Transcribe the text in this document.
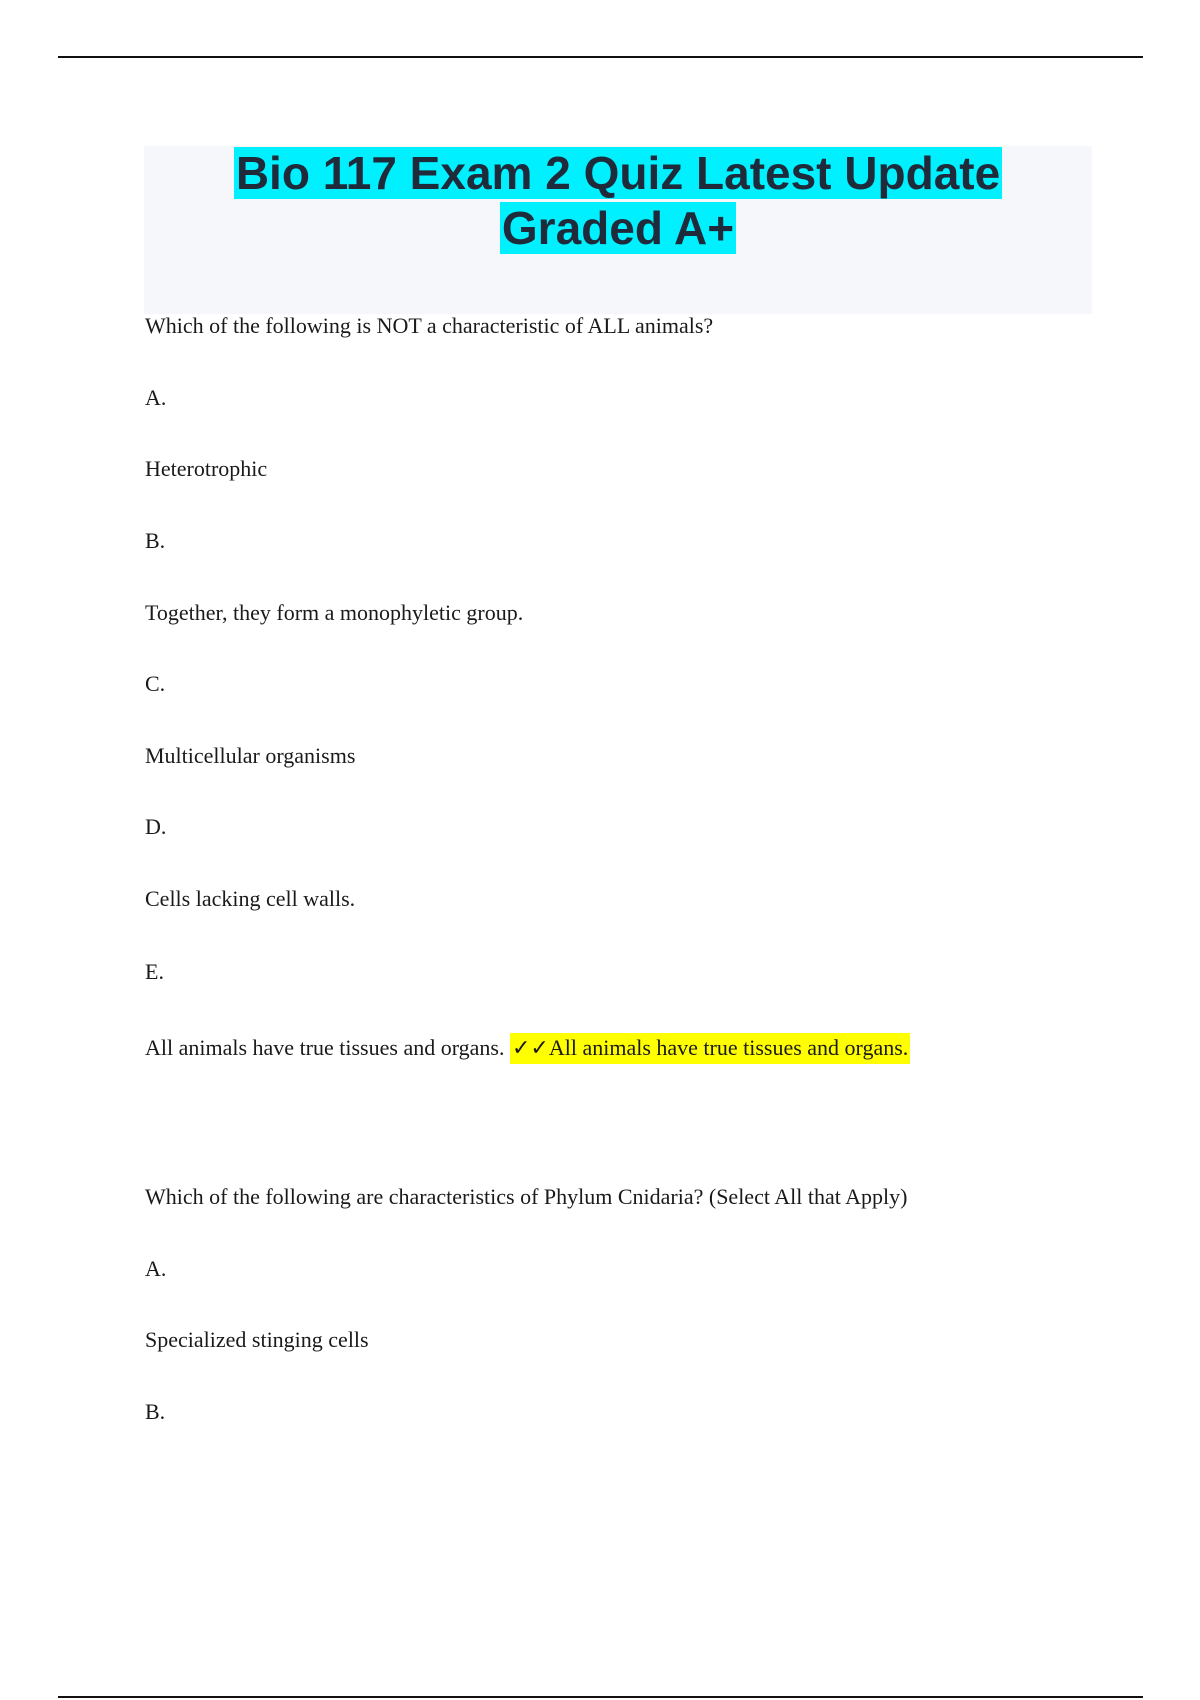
Bio 117 Exam 2 Quiz Latest Update
Graded A+
Which of the following is NOT a characteristic of ALL animals?
A.
Heterotrophic
B.
Together, they form a monophyletic group.
C.
Multicellular organisms
D.
Cells lacking cell walls.
E.
All animals have true tissues and organs. ✓✓All animals have true tissues and organs.
Which of the following are characteristics of Phylum Cnidaria? (Select All that Apply)
A.
Specialized stinging cells
B.
